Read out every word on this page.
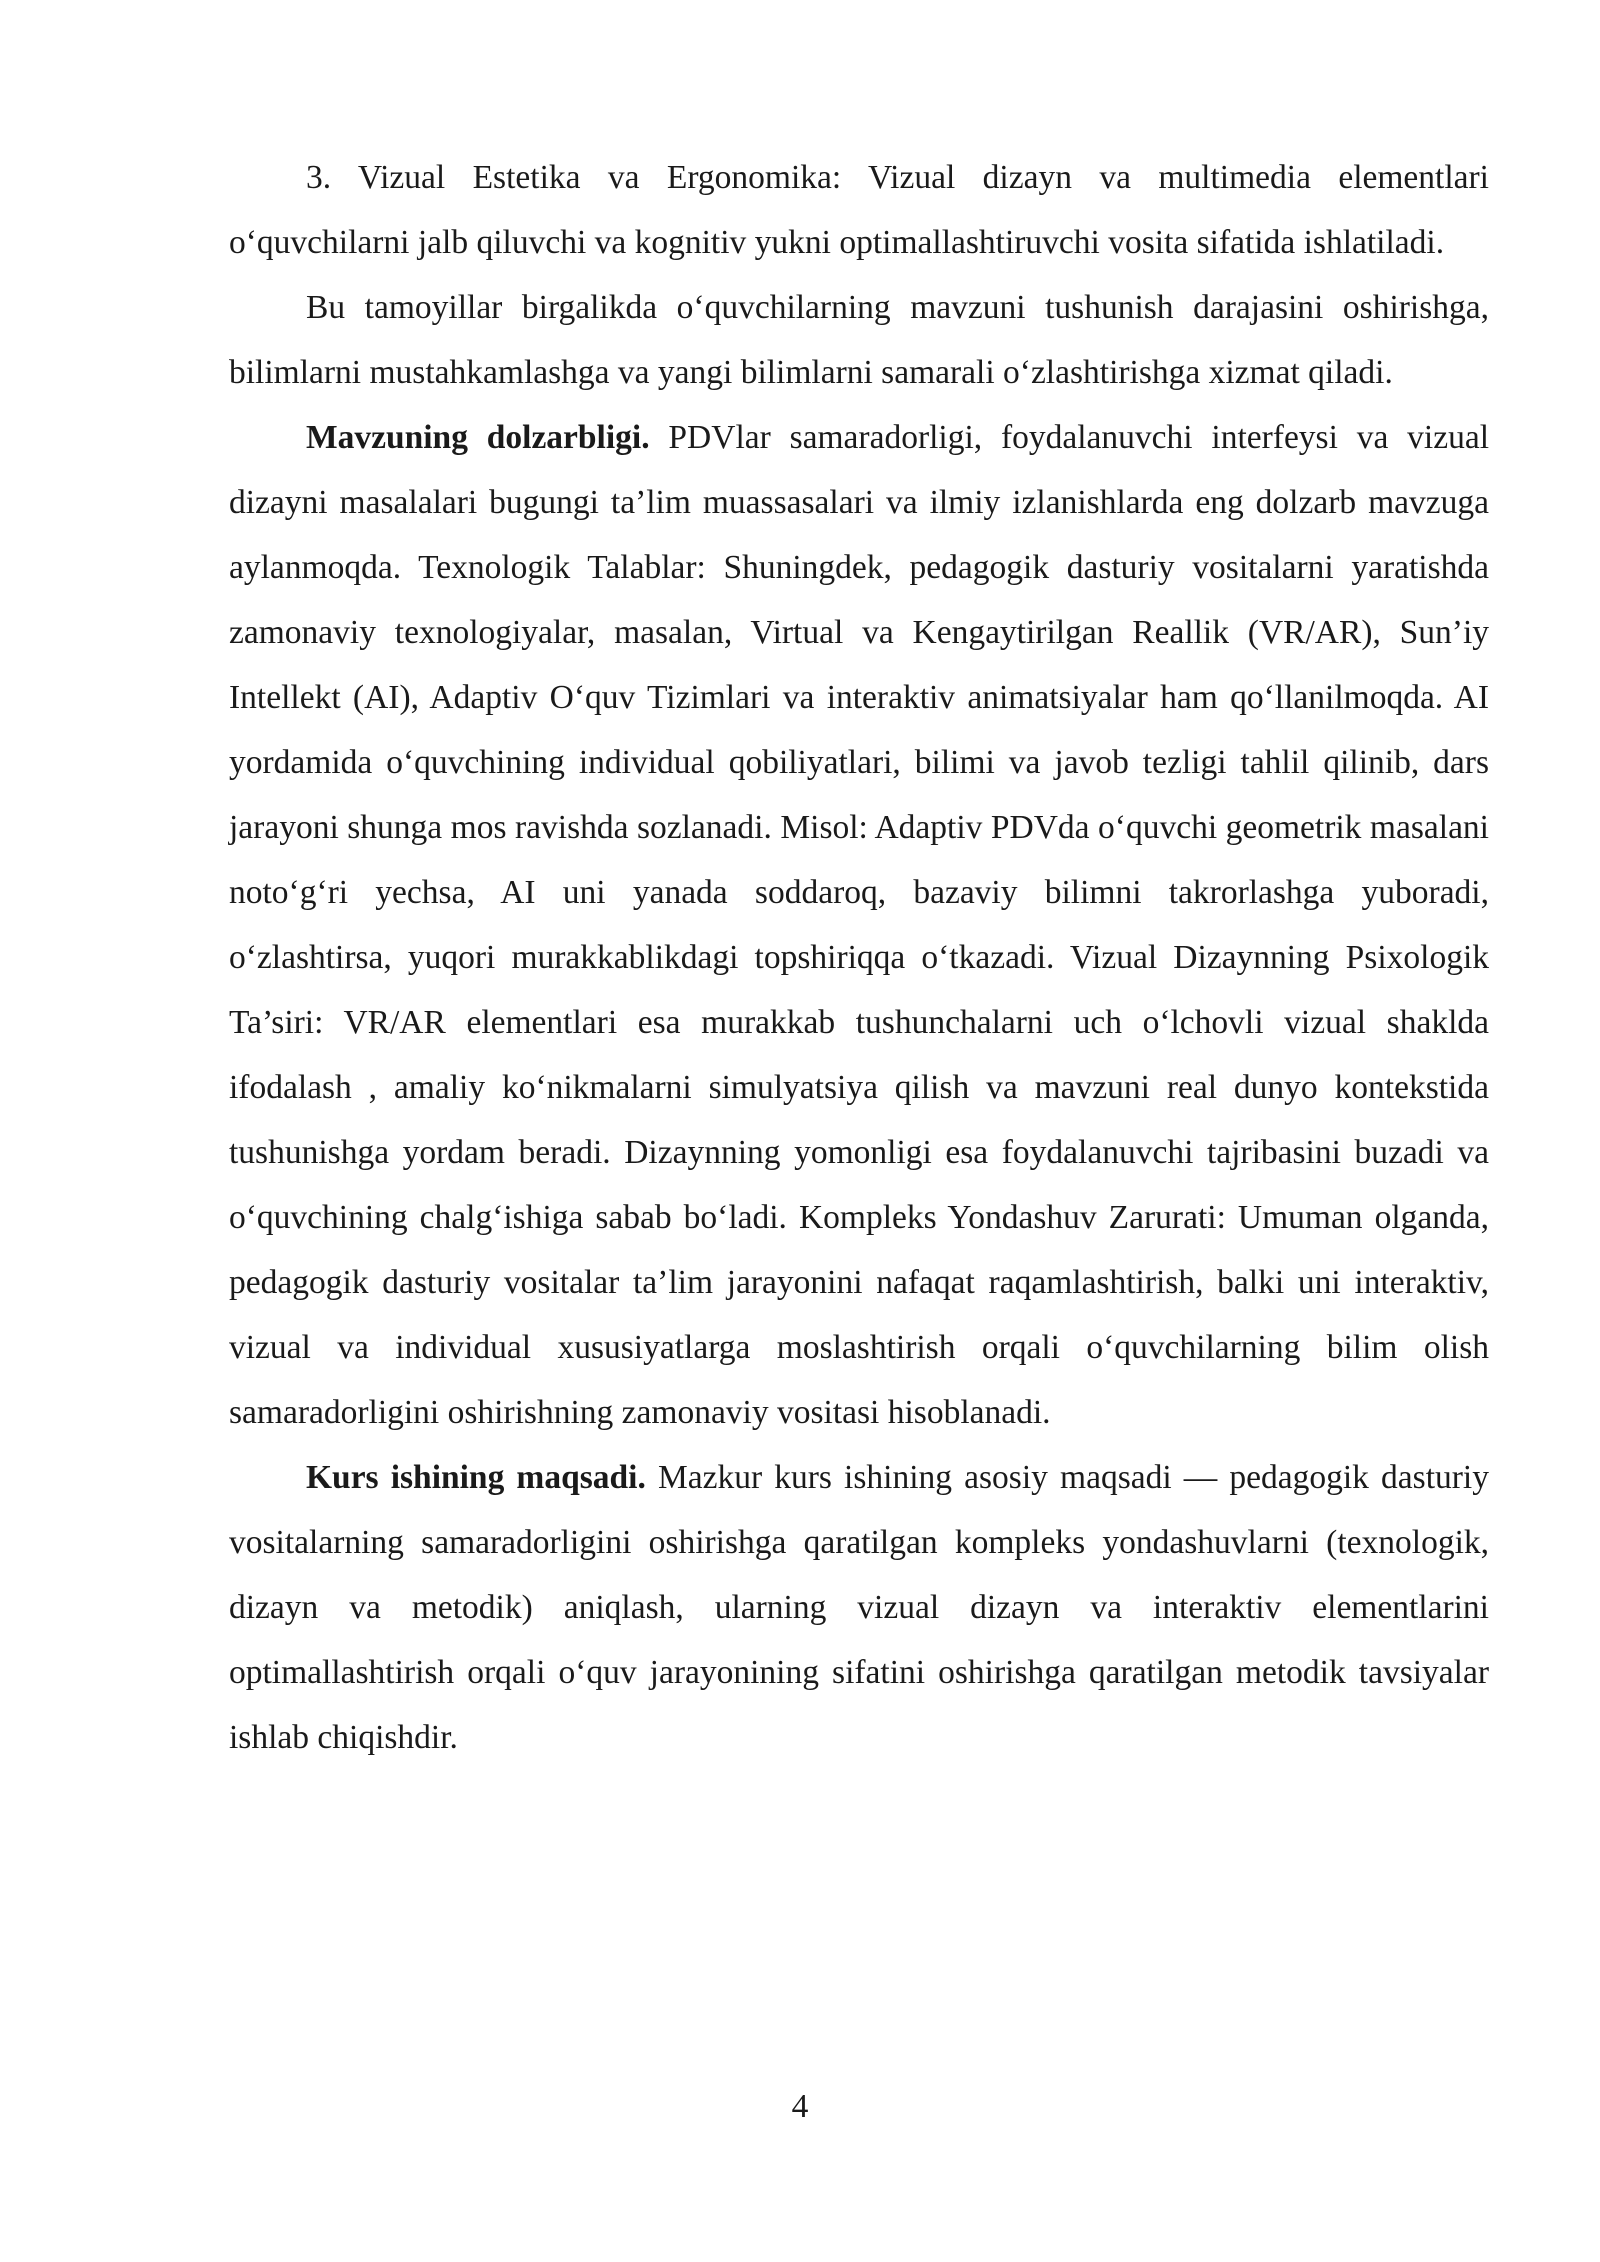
3. Vizual Estetika va Ergonomika: Vizual dizayn va multimedia elementlari oʻquvchilarni jalb qiluvchi va kognitiv yukni optimallashtiruvchi vosita sifatida ishlatiladi.

Bu tamoyillar birgalikda oʻquvchilarning mavzuni tushunish darajasini oshirishga, bilimlarni mustahkamlashga va yangi bilimlarni samarali oʻzlashtirishga xizmat qiladi.

Mavzuning dolzarbligi. PDVlar samaradorligi, foydalanuvchi interfeysi va vizual dizayni masalalari bugungi ta’lim muassasalari va ilmiy izlanishlarda eng dolzarb mavzuga aylanmoqda. Texnologik Talablar: Shuningdek, pedagogik dasturiy vositalarni yaratishda zamonaviy texnologiyalar, masalan, Virtual va Kengaytirilgan Reallik (VR/AR), Sun’iy Intellekt (AI), Adaptiv Oʻquv Tizimlari va interaktiv animatsiyalar ham qoʻllanilmoqda. AI yordamida oʻquvchining individual qobiliyatlari, bilimi va javob tezligi tahlil qilinib, dars jarayoni shunga mos ravishda sozlanadi. Misol: Adaptiv PDVda oʻquvchi geometrik masalani notoʻgʻri yechsa, AI uni yanada soddaroq, bazaviy bilimni takrorlashga yuboradi, oʻzlashtirsa, yuqori murakkablikdagi topshiriqqa oʻtkazadi. Vizual Dizaynning Psixologik Ta’siri: VR/AR elementlari esa murakkab tushunchalarni uch oʻlchovli vizual shaklda ifodalash , amaliy koʻnikmalarni simulyatsiya qilish va mavzuni real dunyo kontekstida tushunishga yordam beradi. Dizaynning yomonligi esa foydalanuvchi tajribasini buzadi va oʻquvchining chalgʻishiga sabab boʻladi. Kompleks Yondashuv Zarurati: Umuman olganda, pedagogik dasturiy vositalar ta’lim jarayonini nafaqat raqamlashtirish, balki uni interaktiv, vizual va individual xususiyatlarga moslashtirish orqali oʻquvchilarning bilim olish samaradorligini oshirishning zamonaviy vositasi hisoblanadi.

Kurs ishining maqsadi. Mazkur kurs ishining asosiy maqsadi — pedagogik dasturiy vositalarning samaradorligini oshirishga qaratilgan kompleks yondashuvlarni (texnologik, dizayn va metodik) aniqlash, ularning vizual dizayn va interaktiv elementlarini optimallashtirish orqali oʻquv jarayonining sifatini oshirishga qaratilgan metodik tavsiyalar ishlab chiqishdir.

4
